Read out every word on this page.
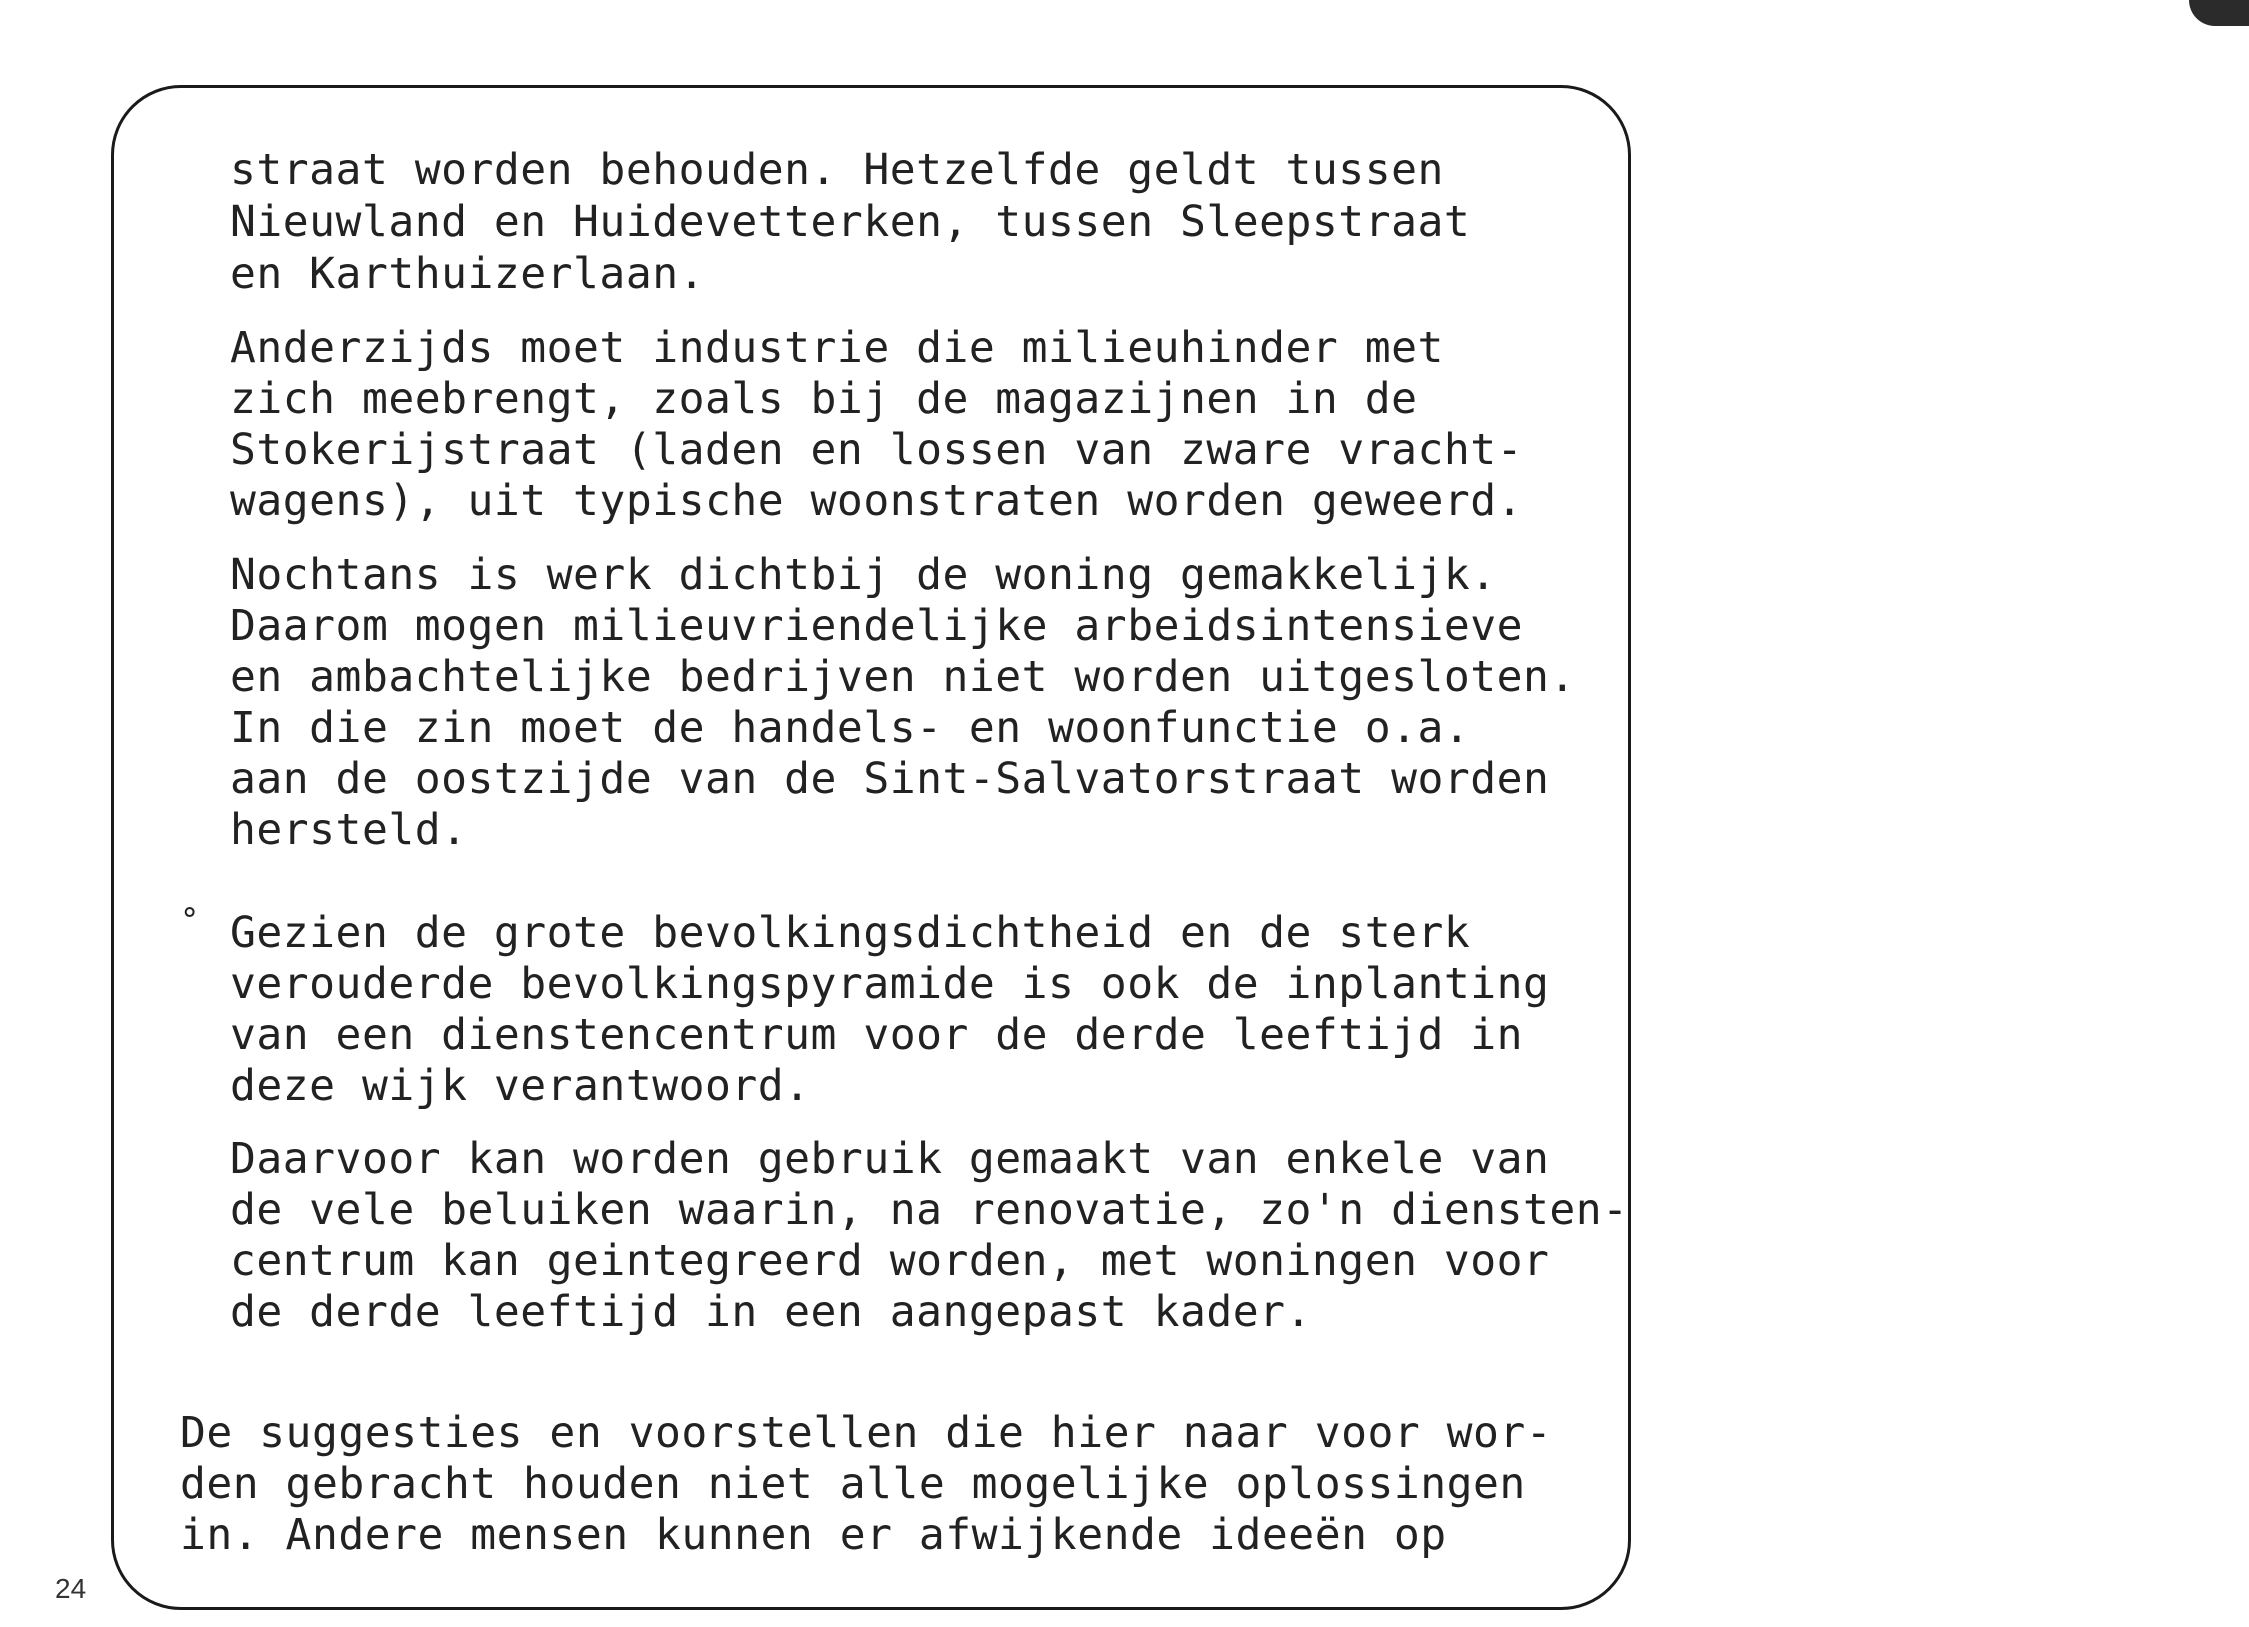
straat worden behouden. Hetzelfde geldt tussen
Nieuwland en Huidevetterken, tussen Sleepstraat
en Karthuizerlaan.
Anderzijds moet industrie die milieuhinder met
zich meebrengt, zoals bij de magazijnen in de
Stokerijstraat (laden en lossen van zware vracht-
wagens), uit typische woonstraten worden geweerd.
Nochtans is werk dichtbij de woning gemakkelijk.
Daarom mogen milieuvriendelijke arbeidsintensieve
en ambachtelijke bedrijven niet worden uitgesloten.
In die zin moet de handels- en woonfunctie o.a.
aan de oostzijde van de Sint-Salvatorstraat worden
hersteld.
° Gezien de grote bevolkingsdichtheid en de sterk
verouderde bevolkingspyramide is ook de inplanting
van een dienstencentrum voor de derde leeftijd in
deze wijk verantwoord.
Daarvoor kan worden gebruik gemaakt van enkele van
de vele beluiken waarin, na renovatie, zo'n diensten-
centrum kan geintegreerd worden, met woningen voor
de derde leeftijd in een aangepast kader.
De suggesties en voorstellen die hier naar voor wor-
den gebracht houden niet alle mogelijke oplossingen
in. Andere mensen kunnen er afwijkende ideeën op
24
